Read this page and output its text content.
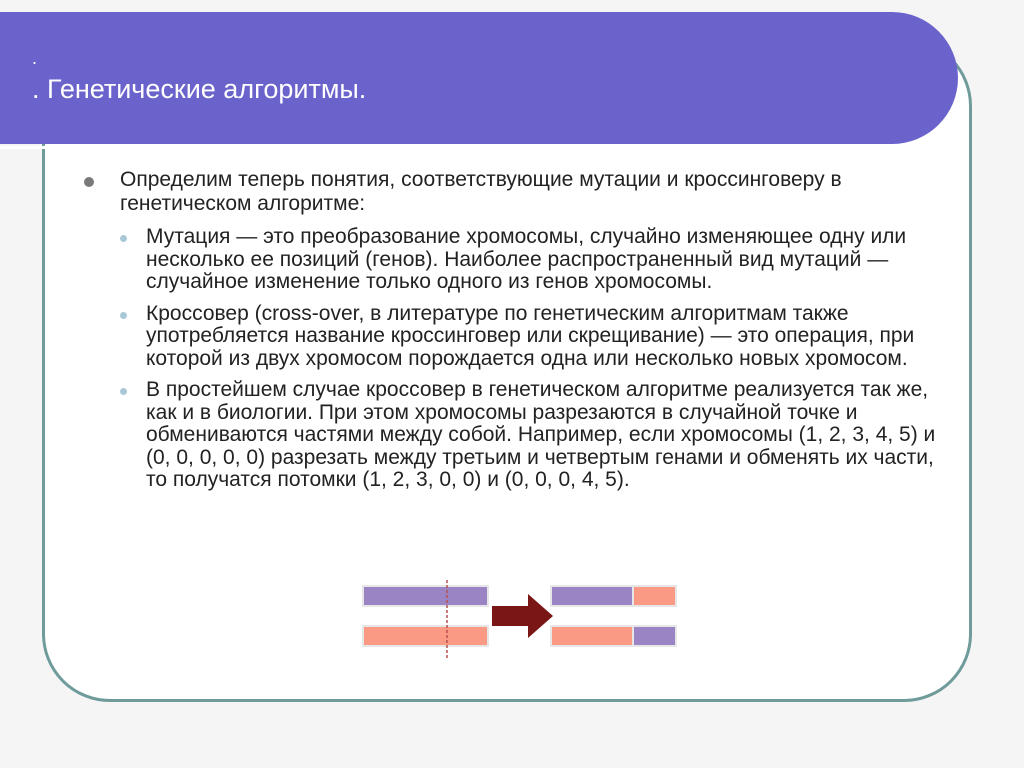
.
. Генетические алгоритмы.
Определим теперь понятия, соответствующие мутации и кроссинговеру в генетическом алгоритме:
Мутация — это преобразование хромосомы, случайно изменяющее одну или несколько ее позиций (генов). Наиболее распространенный вид мутаций — случайное изменение только одного из генов хромосомы.
Кроссовер (cross-over, в литературе по генетическим алгоритмам также употребляется название кроссинговер или скрещивание) — это операция, при которой из двух хромосом порождается одна или несколько новых хромосом.
В простейшем случае кроссовер в генетическом алгоритме реализуется так же, как и в биологии. При этом хромосомы разрезаются в случайной точке и обмениваются частями между собой. Например, если хромосомы (1, 2, 3, 4, 5) и (0, 0, 0, 0, 0) разрезать между третьим и четвертым генами и обменять их части, то получатся потомки (1, 2, 3, 0, 0) и (0, 0, 0, 4, 5).
